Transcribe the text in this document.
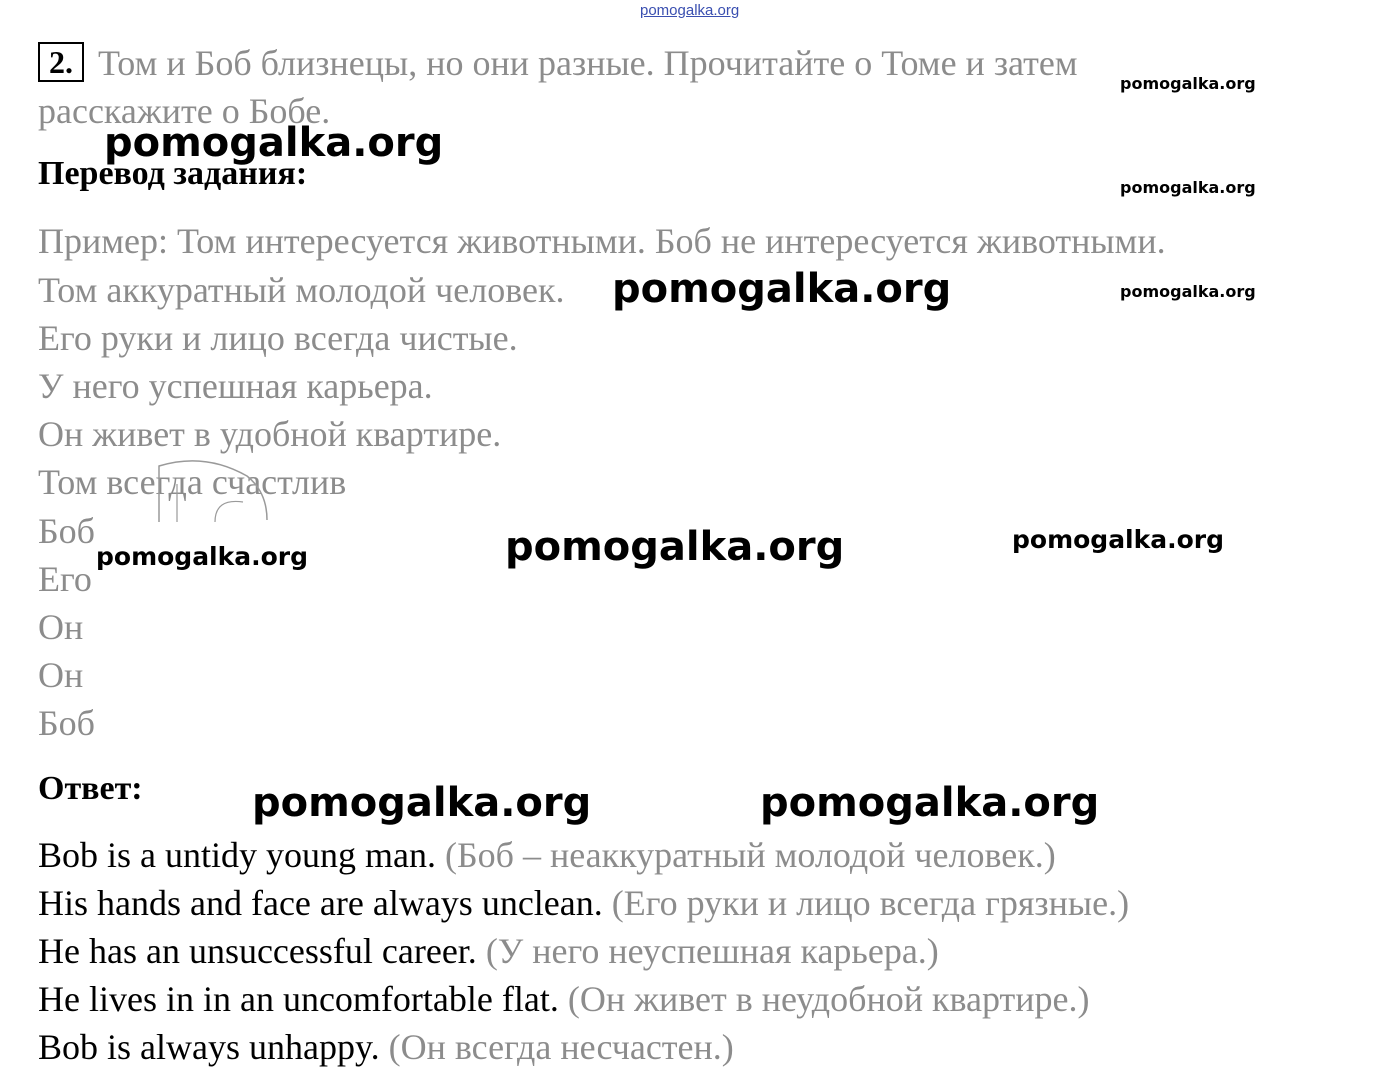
pomogalka.org
2. Том и Боб близнецы, но они разные. Прочитайте о Томе и затем
расскажите о Бобе.
Перевод задания:
Пример: Том интересуется животными. Боб не интересуется животными.
Том аккуратный молодой человек.
Его руки и лицо всегда чистые.
У него успешная карьера.
Он живет в удобной квартире.
Том всегда счастлив
Боб
Его
Он
Он
Боб
Ответ:
Bob is a untidy young man. (Боб – неаккуратный молодой человек.)
His hands and face are always unclean. (Его руки и лицо всегда грязные.)
He has an unsuccessful career. (У него неуспешная карьера.)
He lives in in an uncomfortable flat. (Он живет в неудобной квартире.)
Bob is always unhappy. (Он всегда несчастен.)
pomogalka.org
pomogalka.org
pomogalka.org
pomogalka.org	pomogalka.org
pomogalka.org	pomogalka.org
pomogalka.org
pomogalka.org	pomogalka.org
